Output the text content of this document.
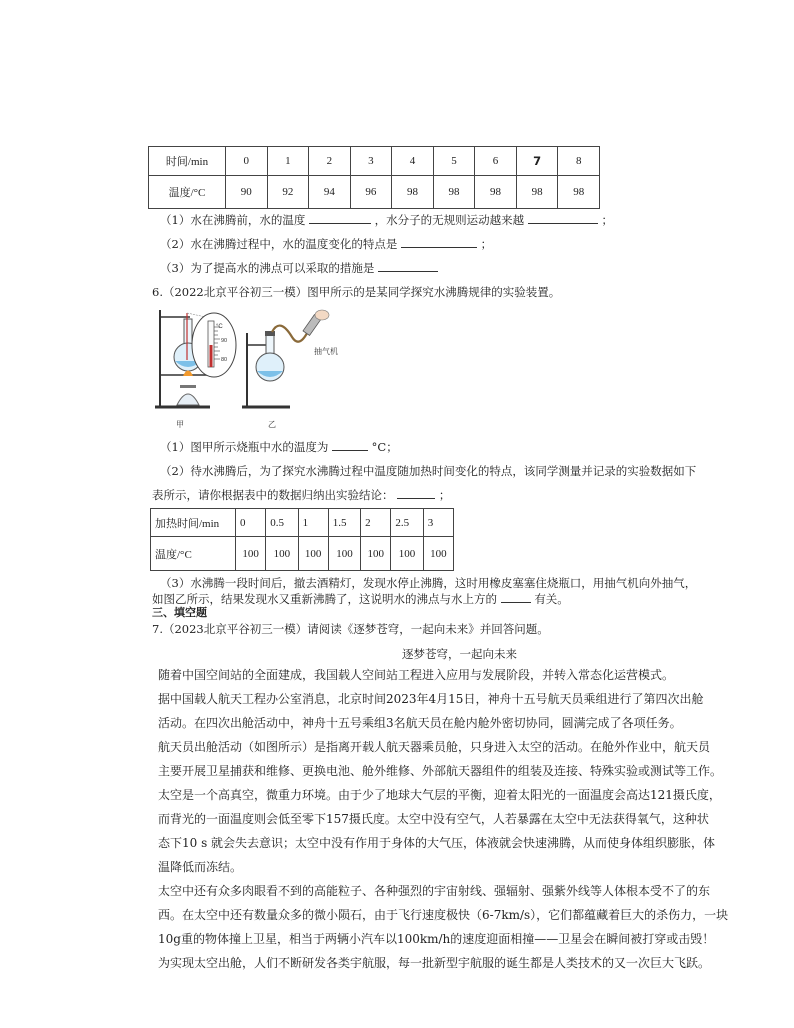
时间/min	0	1	2	3	4	5	6	7	8
温度/°C	90	92	94	96	98	98	98	98	98
（1）水在沸腾前，水的温度	，水分子的无规则运动越来越	；
（2）水在沸腾过程中，水的温度变化的特点是	；
（3）为了提高水的沸点可以采取的措施是
6.（2022北京平谷初三一模）图甲所示的是某同学探究水沸腾规律的实验装置。
°C
90
80
抽气机
甲	乙
（1）图甲所示烧瓶中水的温度为	°C；
（2）待水沸腾后，为了探究水沸腾过程中温度随加热时间变化的特点，该同学测量并记录的实验数据如下
表所示，请你根据表中的数据归纳出实验结论：	；
加热时间/min	0	0.5	1	1.5	2	2.5	3
温度/°C	100	100	100	100	100	100	100
（3）水沸腾一段时间后，撤去酒精灯，发现水停止沸腾，这时用橡皮塞塞住烧瓶口，用抽气机向外抽气，
如图乙所示，结果发现水又重新沸腾了，这说明水的沸点与水上方的	有关。
三、填空题
7.（2023北京平谷初三一模）请阅读《逐梦苍穹，一起向未来》并回答问题。
逐梦苍穹，一起向未来
随着中国空间站的全面建成，我国载人空间站工程进入应用与发展阶段，并转入常态化运营模式。
据中国载人航天工程办公室消息，北京时间2023年4月15日，神舟十五号航天员乘组进行了第四次出舱
活动。在四次出舱活动中，神舟十五号乘组3名航天员在舱内舱外密切协同，圆满完成了各项任务。
航天员出舱活动（如图所示）是指离开载人航天器乘员舱，只身进入太空的活动。在舱外作业中，航天员
主要开展卫星捕获和维修、更换电池、舱外维修、外部航天器组件的组装及连接、特殊实验或测试等工作。
太空是一个高真空，微重力环境。由于少了地球大气层的平衡，迎着太阳光的一面温度会高达121摄氏度，
而背光的一面温度则会低至零下157摄氏度。太空中没有空气，人若暴露在太空中无法获得氧气，这种状
态下10 s 就会失去意识；太空中没有作用于身体的大气压，体液就会快速沸腾，从而使身体组织膨胀，体
温降低而冻结。
太空中还有众多肉眼看不到的高能粒子、各种强烈的宇宙射线、强辐射、强紫外线等人体根本受不了的东
西。在太空中还有数量众多的微小陨石，由于飞行速度极快（6-7km/s），它们都蕴藏着巨大的杀伤力，一块
10g重的物体撞上卫星，相当于两辆小汽车以100km/h的速度迎面相撞——卫星会在瞬间被打穿或击毁！
为实现太空出舱，人们不断研发各类宇航服，每一批新型宇航服的诞生都是人类技术的又一次巨大飞跃。
